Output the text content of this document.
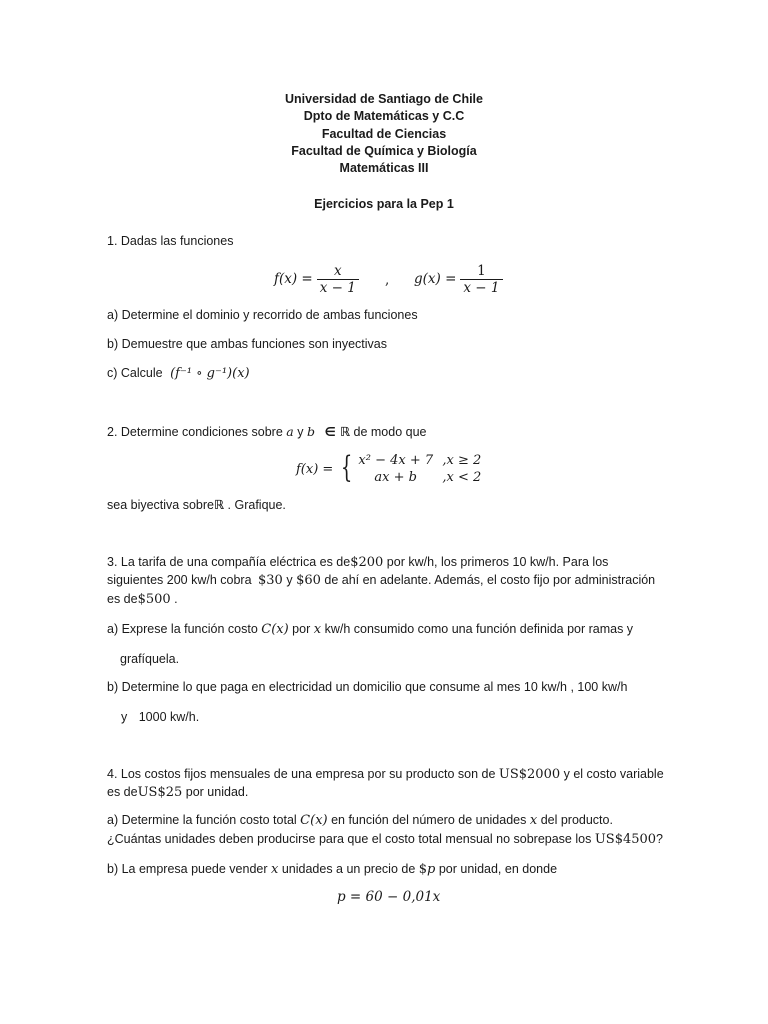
Universidad de Santiago de Chile
Dpto de Matemáticas y C.C
Facultad de Ciencias
Facultad de Química y Biología
Matemáticas III
Ejercicios para la Pep 1
1. Dadas las funciones
$f(x) = \frac{x}{x - 1}$ , $g(x) = \frac{1}{x - 1}$
a) Determine el dominio y recorrido de ambas funciones
b) Demuestre que ambas funciones son inyectivas
c) Calcule (f⁻¹ ∘ g⁻¹)(x)
2. Determine condiciones sobre a y b ∈ ℝ de modo que
f(x) = { x² − 4x + 7 ,x ≥ 2
ax + b	,x < 2
sea biyectiva sobreℝ . Grafique.
3. La tarifa de una compañía eléctrica es de$200 por kw/h, los primeros 10 kw/h. Para los
siguientes 200 kw/h cobra $30 y $60 de ahí en adelante. Además, el costo fijo por administración
es de$500 .
a) Exprese la función costo C(x) por x kw/h consumido como una función definida por ramas y
grafíquela.
b) Determine lo que paga en electricidad un domicilio que consume al mes 10 kw/h , 100 kw/h
y 1000 kw/h.
4. Los costos fijos mensuales de una empresa por su producto son de US$2000 y el costo variable
es deUS$25 por unidad.
a) Determine la función costo total C(x) en función del número de unidades x del producto.
¿Cuántas unidades deben producirse para que el costo total mensual no sobrepase los US$4500?
b) La empresa puede vender x unidades a un precio de $p por unidad, en donde
p = 60 − 0,01x
